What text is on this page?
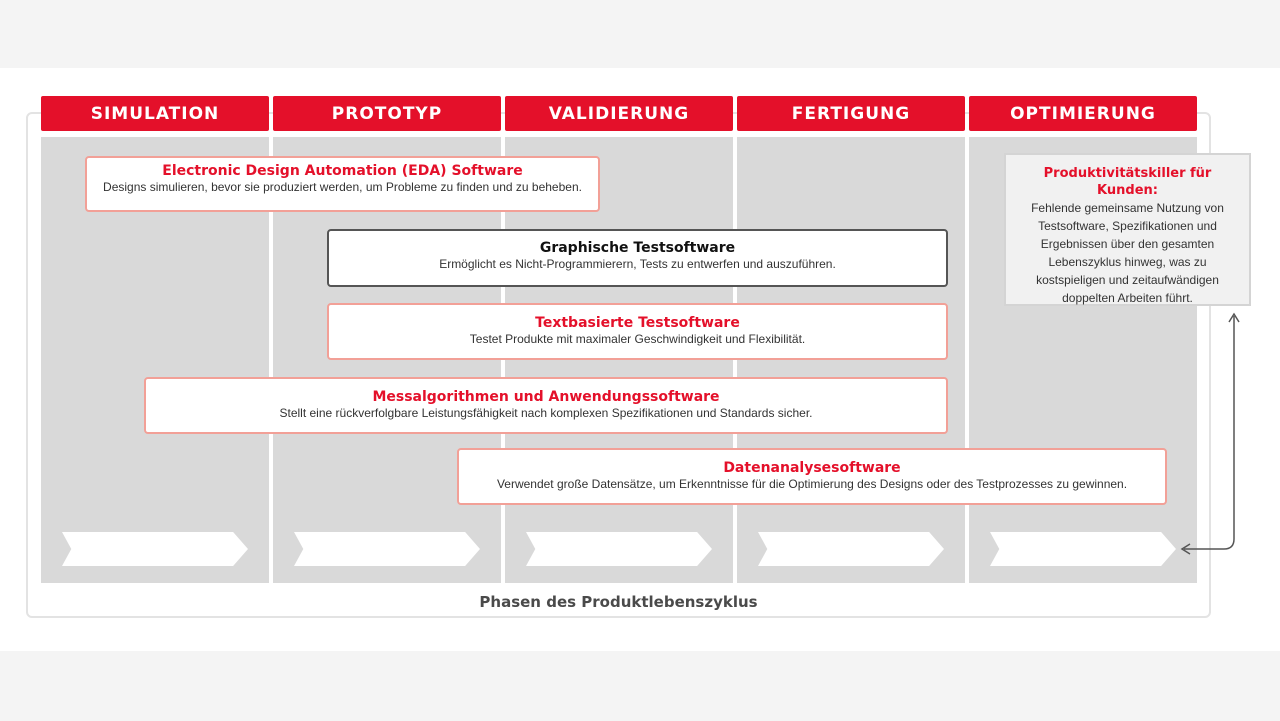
SIMULATION	PROTOTYP	VALIDIERUNG	FERTIGUNG	OPTIMIERUNG
Electronic Design Automation (EDA) Software
Designs simulieren, bevor sie produziert werden, um Probleme zu finden und zu beheben.
Graphische Testsoftware
Ermöglicht es Nicht-Programmierern, Tests zu entwerfen und auszuführen.
Textbasierte Testsoftware
Testet Produkte mit maximaler Geschwindigkeit und Flexibilität.
Messalgorithmen und Anwendungssoftware
Stellt eine rückverfolgbare Leistungsfähigkeit nach komplexen Spezifikationen und Standards sicher.
Datenanalysesoftware
Verwendet große Datensätze, um Erkenntnisse für die Optimierung des Designs oder des Testprozesses zu gewinnen.
Produktivitätskiller für Kunden:
Fehlende gemeinsame Nutzung von
Testsoftware, Spezifikationen und
Ergebnissen über den gesamten
Lebenszyklus hinweg, was zu
kostspieligen und zeitaufwändigen
doppelten Arbeiten führt.
Phasen des Produktlebenszyklus
